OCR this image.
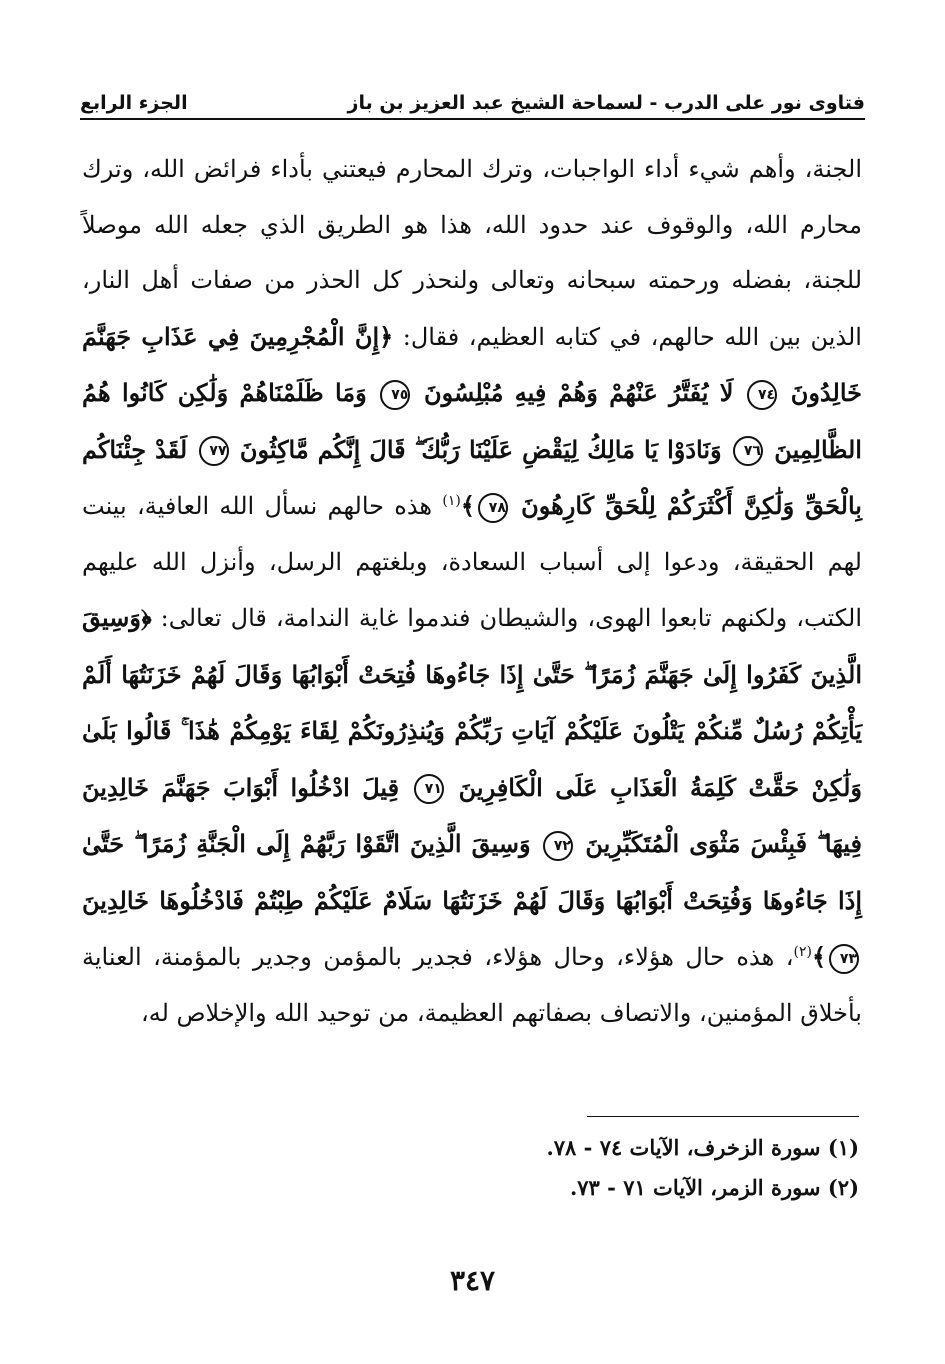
فتاوى نور على الدرب - لسماحة الشيخ عبد العزيز بن باز
الجزء الرابع

الجنة، وأهم شيء أداء الواجبات، وترك المحارم فيعتني بأداء فرائض الله، وترك محارم الله، والوقوف عند حدود الله، هذا هو الطريق الذي جعله الله موصلاً للجنة، بفضله ورحمته سبحانه وتعالى ولنحذر كل الحذر من صفات أهل النار، الذين بين الله حالهم، في كتابه العظيم، فقال: ﴿إِنَّ الْمُجْرِمِينَ فِي عَذَابِ جَهَنَّمَ خَالِدُونَ ٧٤ لَا يُفَتَّرُ عَنْهُمْ وَهُمْ فِيهِ مُبْلِسُونَ ٧٥ وَمَا ظَلَمْنَاهُمْ وَلَٰكِن كَانُوا هُمُ الظَّالِمِينَ ٧٦ وَنَادَوْا يَا مَالِكُ لِيَقْضِ عَلَيْنَا رَبُّكَ ۖ قَالَ إِنَّكُم مَّاكِثُونَ ٧٧ لَقَدْ جِئْنَاكُم بِالْحَقِّ وَلَٰكِنَّ أَكْثَرَكُمْ لِلْحَقِّ كَارِهُونَ ٧٨﴾$^{(١)}$ هذه حالهم نسأل الله العافية، بينت لهم الحقيقة، ودعوا إلى أسباب السعادة، وبلغتهم الرسل، وأنزل الله عليهم الكتب، ولكنهم تابعوا الهوى، والشيطان فندموا غاية الندامة، قال تعالى: ﴿وَسِيقَ الَّذِينَ كَفَرُوا إِلَىٰ جَهَنَّمَ زُمَرًا ۖ حَتَّىٰ إِذَا جَاءُوهَا فُتِحَتْ أَبْوَابُهَا وَقَالَ لَهُمْ خَزَنَتُهَا أَلَمْ يَأْتِكُمْ رُسُلٌ مِّنكُمْ يَتْلُونَ عَلَيْكُمْ آيَاتِ رَبِّكُمْ وَيُنذِرُونَكُمْ لِقَاءَ يَوْمِكُمْ هَٰذَا ۚ قَالُوا بَلَىٰ وَلَٰكِنْ حَقَّتْ كَلِمَةُ الْعَذَابِ عَلَى الْكَافِرِينَ ٧١ قِيلَ ادْخُلُوا أَبْوَابَ جَهَنَّمَ خَالِدِينَ فِيهَا ۖ فَبِئْسَ مَثْوَى الْمُتَكَبِّرِينَ ٧٢ وَسِيقَ الَّذِينَ اتَّقَوْا رَبَّهُمْ إِلَى الْجَنَّةِ زُمَرًا ۖ حَتَّىٰ إِذَا جَاءُوهَا وَفُتِحَتْ أَبْوَابُهَا وَقَالَ لَهُمْ خَزَنَتُهَا سَلَامٌ عَلَيْكُمْ طِبْتُمْ فَادْخُلُوهَا خَالِدِينَ ٧٣﴾$^{(٢)}$، هذه حال هؤلاء، وحال هؤلاء، فجدير بالمؤمن وجدير بالمؤمنة، العناية بأخلاق المؤمنين، والاتصاف بصفاتهم العظيمة، من توحيد الله والإخلاص له،

(١) سورة الزخرف، الآيات ٧٤ - ٧٨.
(٢) سورة الزمر، الآيات ٧١ - ٧٣.
٣٤٧
